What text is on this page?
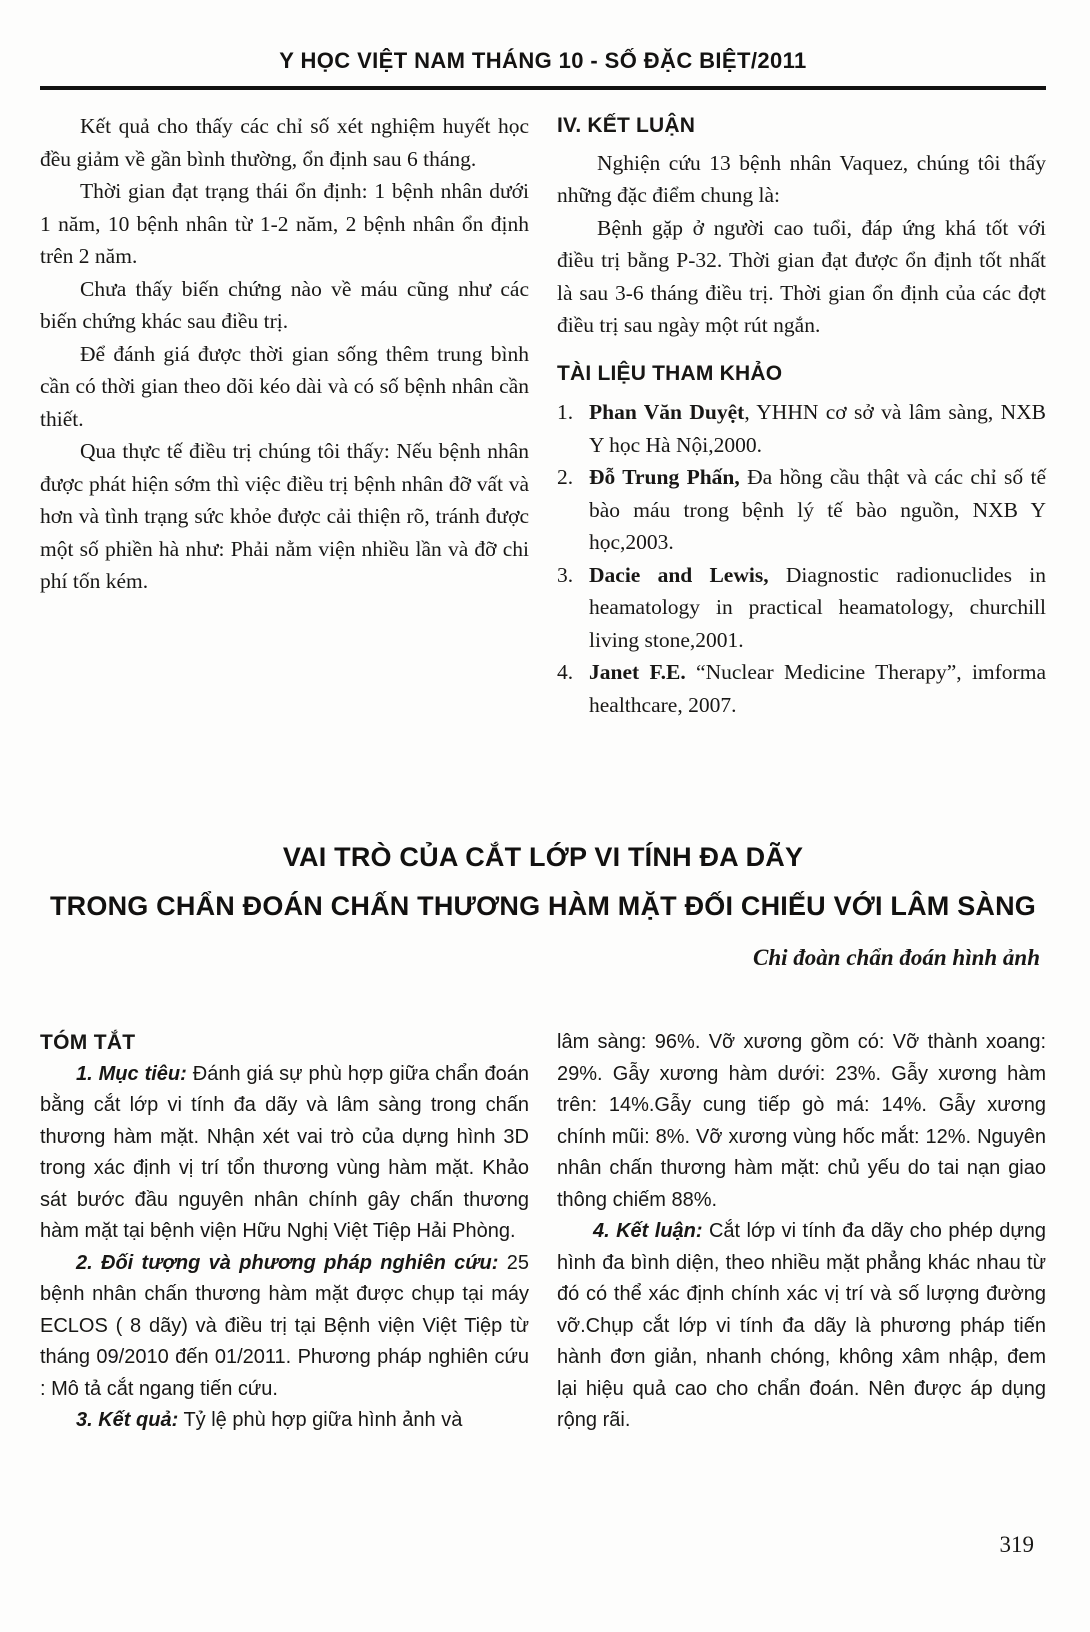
Y HỌC VIỆT NAM THÁNG 10 - SỐ ĐẶC BIỆT/2011

Kết quả cho thấy các chỉ số xét nghiệm huyết học đều giảm về gần bình thường, ổn định sau 6 tháng.

Thời gian đạt trạng thái ổn định: 1 bệnh nhân dưới 1 năm, 10 bệnh nhân từ 1-2 năm, 2 bệnh nhân ổn định trên 2 năm.

Chưa thấy biến chứng nào về máu cũng như các biến chứng khác sau điều trị.

Để đánh giá được thời gian sống thêm trung bình cần có thời gian theo dõi kéo dài và có số bệnh nhân cần thiết.

Qua thực tế điều trị chúng tôi thấy: Nếu bệnh nhân được phát hiện sớm thì việc điều trị bệnh nhân đỡ vất và hơn và tình trạng sức khỏe được cải thiện rõ, tránh được một số phiền hà như: Phải nằm viện nhiều lần và đỡ chi phí tốn kém.

IV. KẾT LUẬN

Nghiện cứu 13 bệnh nhân Vaquez, chúng tôi thấy những đặc điểm chung là:

Bệnh gặp ở người cao tuổi, đáp ứng khá tốt với điều trị bằng P-32. Thời gian đạt được ổn định tốt nhất là sau 3-6 tháng điều trị. Thời gian ổn định của các đợt điều trị sau ngày một rút ngắn.

TÀI LIỆU THAM KHẢO
1. Phan Văn Duyệt, YHHN cơ sở và lâm sàng, NXB Y học Hà Nội,2000.
2. Đỗ Trung Phấn, Đa hồng cầu thật và các chỉ số tế bào máu trong bệnh lý tế bào nguồn, NXB Y học,2003.
3. Dacie and Lewis, Diagnostic radionuclides in heamatology in practical heamatology, churchill living stone,2001.
4. Janet F.E. “Nuclear Medicine Therapy”, imforma healthcare, 2007.
VAI TRÒ CỦA CẮT LỚP VI TÍNH ĐA DÃY
TRONG CHẨN ĐOÁN CHẤN THƯƠNG HÀM MẶT ĐỐI CHIẾU VỚI LÂM SÀNG
Chi đoàn chẩn đoán hình ảnh
TÓM TẮT

1. Mục tiêu: Đánh giá sự phù hợp giữa chẩn đoán bằng cắt lớp vi tính đa dãy và lâm sàng trong chấn thương hàm mặt. Nhận xét vai trò của dựng hình 3D trong xác định vị trí tổn thương vùng hàm mặt. Khảo sát bước đầu nguyên nhân chính gây chấn thương hàm mặt tại bệnh viện Hữu Nghị Việt Tiệp Hải Phòng.

2. Đối tượng và phương pháp nghiên cứu: 25 bệnh nhân chấn thương hàm mặt được chụp tại máy ECLOS ( 8 dãy) và điều trị tại Bệnh viện Việt Tiệp từ tháng 09/2010 đến 01/2011. Phương pháp nghiên cứu : Mô tả cắt ngang tiến cứu.

3. Kết quả: Tỷ lệ phù hợp giữa hình ảnh và

lâm sàng: 96%. Vỡ xương gồm có: Vỡ thành xoang: 29%. Gẫy xương hàm dưới: 23%. Gẫy xương hàm trên: 14%.Gẫy cung tiếp gò má: 14%. Gẫy xương chính mũi: 8%. Vỡ xương vùng hốc mắt: 12%. Nguyên nhân chấn thương hàm mặt: chủ yếu do tai nạn giao thông chiếm 88%.

4. Kết luận: Cắt lớp vi tính đa dãy cho phép dựng hình đa bình diện, theo nhiều mặt phẳng khác nhau từ đó có thể xác định chính xác vị trí và số lượng đường vỡ.Chụp cắt lớp vi tính đa dãy là phương pháp tiến hành đơn giản, nhanh chóng, không xâm nhập, đem lại hiệu quả cao cho chẩn đoán. Nên được áp dụng rộng rãi.

319
